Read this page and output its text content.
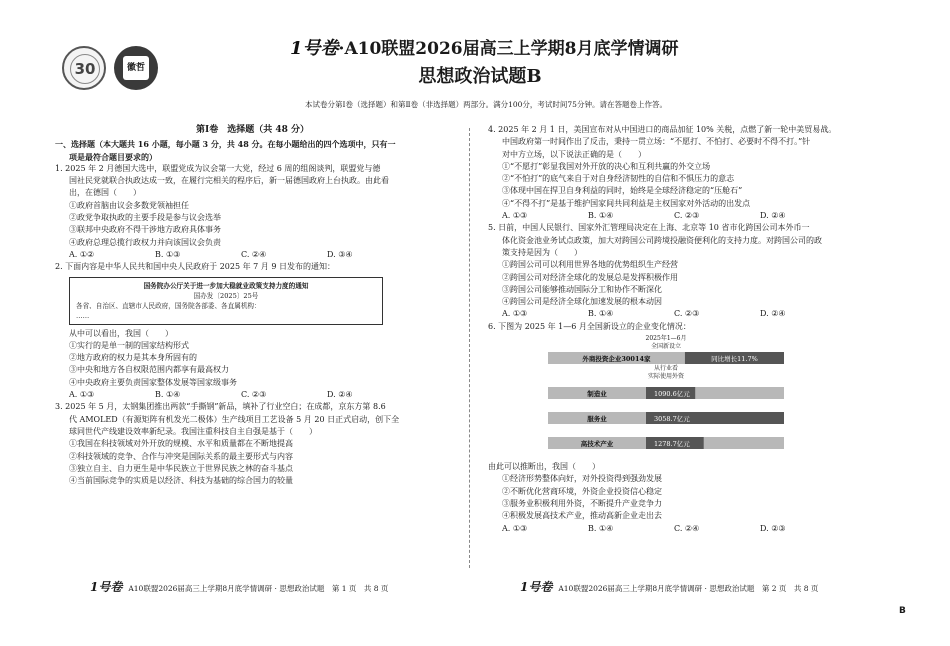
30	徽哲
1号卷·A10联盟2026届高三上学期8月底学情调研
思想政治试题B
本试卷分第Ⅰ卷（选择题）和第Ⅱ卷（非选择题）两部分。满分100分，考试时间75分钟。请在答题卷上作答。

第Ⅰ卷　选择题（共 48 分）

一、选择题（本大题共 16 小题，每小题 3 分，共 48 分。在每小题给出的四个选项中，只有一

项是最符合题目要求的）

1. 2025 年 2 月德国大选中，联盟党成为议会第一大党，经过 6 周的组阁谈判，联盟党与德

国社民党就联合执政达成一致，在履行完相关的程序后，新一届德国政府上台执政。由此看

出，在德国（　　）

①政府首脑由议会多数党领袖担任

②政党争取执政的主要手段是参与议会选举

③联邦中央政府不得干涉地方政府具体事务

④政府总理总揽行政权力并向该国议会负责

A. ①②	B. ①③	C. ②④	D. ③④

2. 下面内容是中华人民共和国中央人民政府于 2025 年 7 月 9 日发布的通知：

国务院办公厅关于进一步加大稳就业政策支持力度的通知
国办发〔2025〕25号
各省、自治区、直辖市人民政府，国务院各部委、各直属机构：
……

从中可以看出，我国（　　）

①实行的是单一制的国家结构形式

②地方政府的权力是其本身所固有的

③中央和地方各自权限范围内都享有最高权力

④中央政府主要负责国家整体发展等国家级事务

A. ①③	B. ①④	C. ②③	D. ②④

3. 2025 年 5 月，太钢集团推出两款“手撕钢”新品，填补了行业空白；在成都，京东方第 8.6

代 AMOLED（有源矩阵有机发光二极体）生产线项目工艺设备 5 月 20 日正式启动，创下全

球同世代产线建设效率新纪录。我国注重科技自主自强是基于（　　）

①我国在科技领域对外开放的规模、水平和质量都在不断地提高

②科技领域的竞争、合作与冲突是国际关系的最主要形式与内容

③独立自主、自力更生是中华民族立于世界民族之林的奋斗基点

④当前国际竞争的实质是以经济、科技为基础的综合国力的较量

4. 2025 年 2 月 1 日，美国宣布对从中国进口的商品加征 10% 关税，点燃了新一轮中美贸易战。

中国政府第一时间作出了反击，秉持一贯立场：“不愿打、不怕打、必要时不得不打。”针

对中方立场，以下说法正确的是（　　）

①“不愿打”彰显我国对外开放的决心和互利共赢的外交立场

②“不怕打”的底气来自于对自身经济韧性的自信和不惧压力的意志

③体现中国在捍卫自身利益的同时，始终是全球经济稳定的“压舱石”

④“不得不打”是基于维护国家间共同利益是主权国家对外活动的出发点

A. ①③	B. ①④	C. ②③	D. ②④

5. 日前，中国人民银行、国家外汇管理局决定在上海、北京等 10 省市化跨国公司本外币一

体化资金池业务试点政策，加大对跨国公司跨境投融资便利化的支持力度。对跨国公司的政

策支持是因为（　　）

①跨国公司可以利用世界各地的优势组织生产经营

②跨国公司对经济全球化的发展总是发挥积极作用

③跨国公司能够推动国际分工和协作不断深化

④跨国公司是经济全球化加速发展的根本动因

A. ①③	B. ①④	C. ②③	D. ②④

6. 下图为 2025 年 1—6 月全国新设立的企业变化情况：

2025年1—6月
全国新设立
外商投资企业30014家	同比增长11.7%
从行业看
实际使用外资
制造业	1090.6亿元
服务业	3058.7亿元
高技术产业	1278.7亿元

由此可以推断出，我国（　　）

①经济形势整体向好，对外投资得到强劲发展

②不断优化营商环境，外资企业投资信心稳定

③服务业积极利用外资，不断提升产业竞争力

④积极发展高技术产业，推动高新企业走出去

A. ①③	B. ①④	C. ②④	D. ②③

1号卷 A10联盟2026届高三上学期8月底学情调研 · 思想政治试题　第 1 页　共 8 页	1号卷 A10联盟2026届高三上学期8月底学情调研 · 思想政治试题　第 2 页　共 8 页
B
